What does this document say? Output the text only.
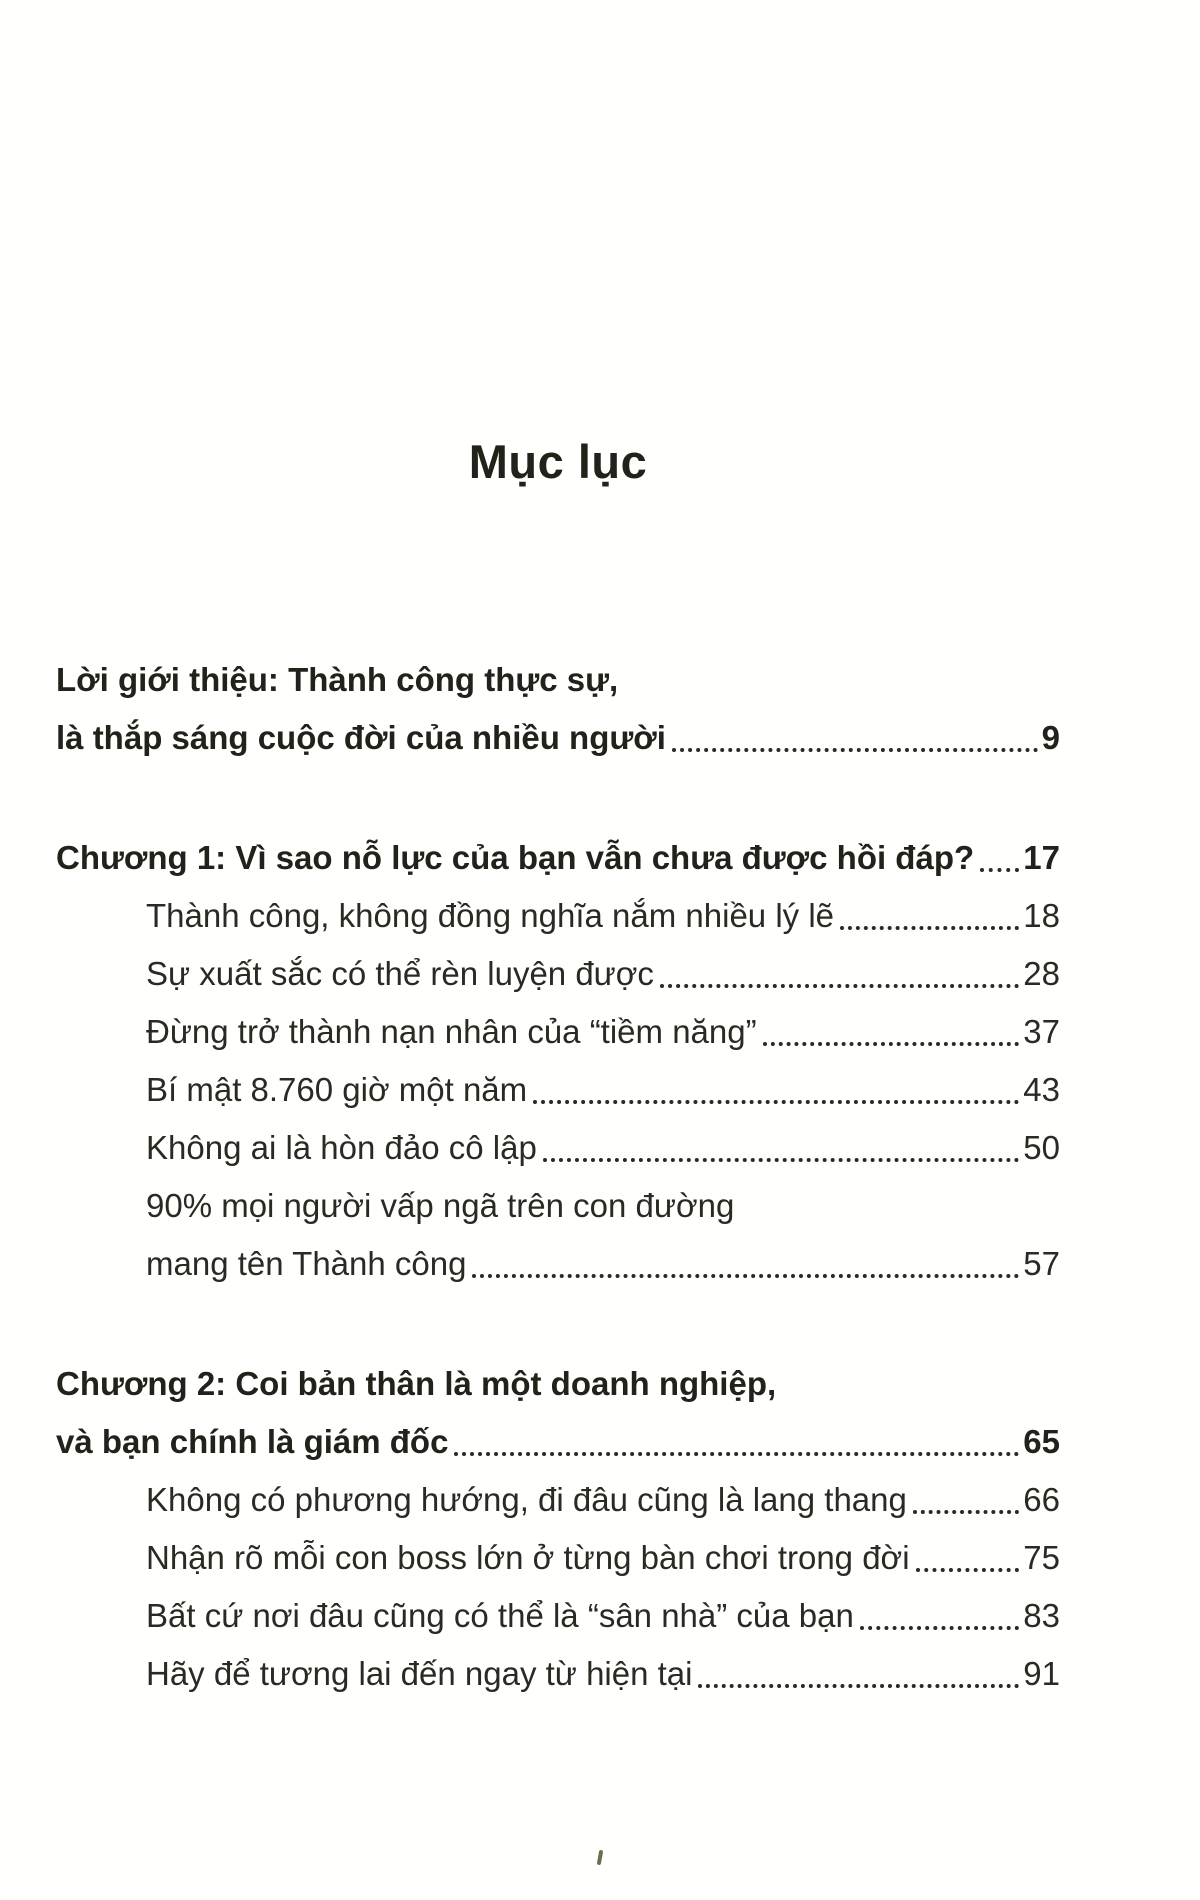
Mục lục
Lời giới thiệu: Thành công thực sự,
là thắp sáng cuộc đời của nhiều người	9
Chương 1: Vì sao nỗ lực của bạn vẫn chưa được hồi đáp? 17
Thành công, không đồng nghĩa nắm nhiều lý lẽ	18
Sự xuất sắc có thể rèn luyện được	28
Đừng trở thành nạn nhân của “tiềm năng”	37
Bí mật 8.760 giờ một năm	43
Không ai là hòn đảo cô lập	50
90% mọi người vấp ngã trên con đường
mang tên Thành công	57
Chương 2: Coi bản thân là một doanh nghiệp,
và bạn chính là giám đốc	65
Không có phương hướng, đi đâu cũng là lang thang	66
Nhận rõ mỗi con boss lớn ở từng bàn chơi trong đời	75
Bất cứ nơi đâu cũng có thể là “sân nhà” của bạn	83
Hãy để tương lai đến ngay từ hiện tại	91
